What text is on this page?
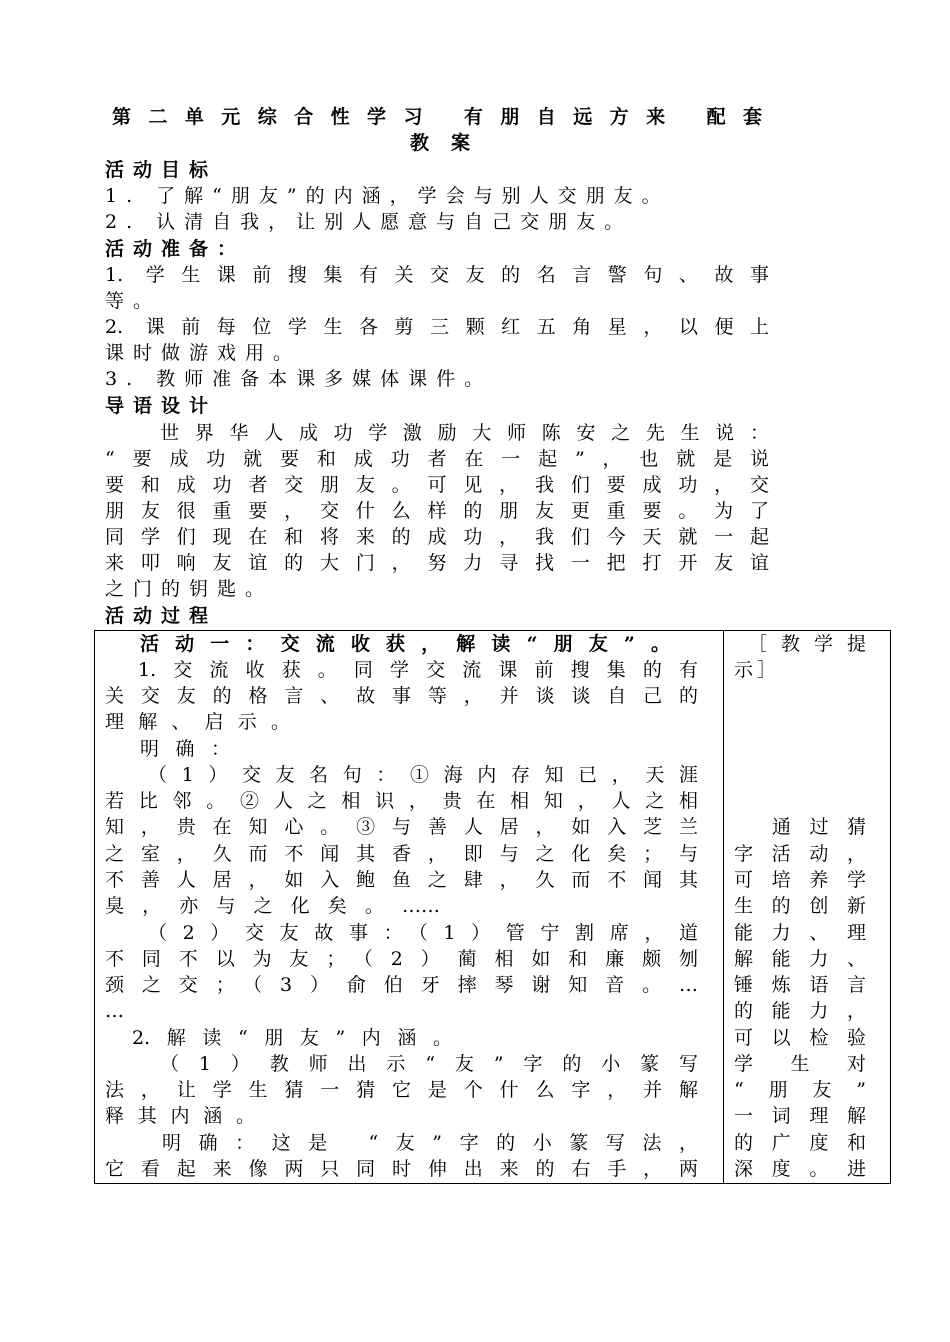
第二单元综合性学习 有朋自远方来 配套
教案
活动目标
1. 了解“朋友”的内涵，学会与别人交朋友。
2. 认清自我，让别人愿意与自己交朋友。
活动准备：
1. 学生课前搜集有关交友的名言警句、故事
等。
2. 课前每位学生各剪三颗红五角星，以便上
课时做游戏用。
3. 教师准备本课多媒体课件。
导语设计
世界华人成功学激励大师陈安之先生说：
“要成功就要和成功者在一起”，也就是说
要和成功者交朋友。可见，我们要成功，交
朋友很重要，交什么样的朋友更重要。为了
同学们现在和将来的成功，我们今天就一起
来叩响友谊的大门，努力寻找一把打开友谊
之门的钥匙。
活动过程
活动一：交流收获，解读“朋友”。
1.交流收获。同学交流课前搜集的有
关交友的格言、故事等，并谈谈自己的
理解、启示。
明确：
（1）交友名句：①海内存知已，天涯
若比邻。②人之相识，贵在相知，人之相
知，贵在知心。③与善人居，如入芝兰
之室，久而不闻其香，即与之化矣；与
不善人居，如入鲍鱼之肆，久而不闻其
臭，亦与之化矣。……
（2）交友故事：（1）管宁割席，道
不同不以为友；（2）蔺相如和廉颇刎
颈之交；（3）俞伯牙摔琴谢知音。…
…
2.解读“朋友”内涵。
（1）教师出示“友”字的小篆写
法，让学生猜一猜它是个什么字，并解
释其内涵。
明确：这是 “友”字的小篆写法，
它看起来像两只同时伸出来的右手，两
［教学提
示］
通过猜
字活动，
可培养学
生的创新
能力、理
解能力、
锤炼语言
的能力，
可以检验
学 生 对
“朋友”
一词理解
的广度和
深度。进
